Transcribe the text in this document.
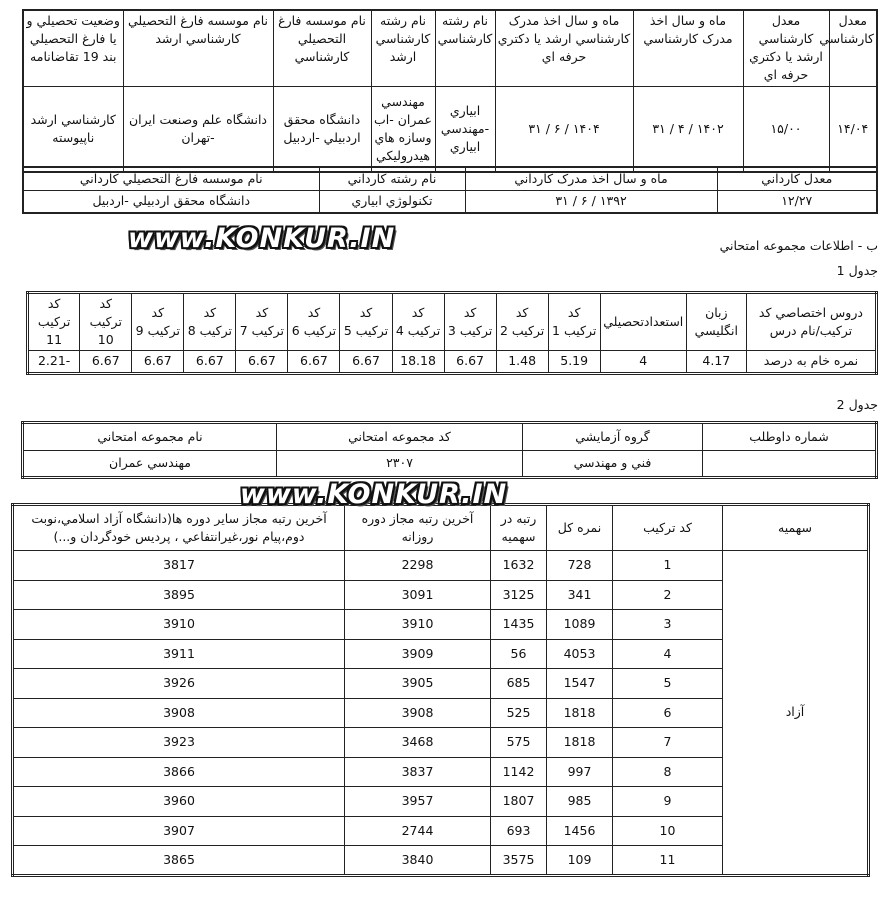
معدل کارشناسي	معدل کارشناسي ارشد يا دکتري حرفه اي	ماه و سال اخذ مدرک کارشناسي	ماه و سال اخذ مدرک کارشناسي ارشد يا دکتري حرفه اي	نام رشته کارشناسي	نام رشته کارشناسي ارشد	نام موسسه فارغ التحصيلي کارشناسي	نام موسسه فارغ التحصيلي کارشناسي ارشد	وضعيت تحصيلي و يا فارغ التحصيلي بند 19 تقاضانامه
۱۴/۰۴	۱۵/۰۰	۱۴۰۲ / ۴ / ۳۱	۱۴۰۴ / ۶ / ۳۱	ابياري -مهندسي ابياري	مهندسي عمران -اب وسازه هاي هيدروليکي	دانشگاه محقق اردبيلي -اردبيل	دانشگاه علم وصنعت ايران -تهران	کارشناسي ارشد ناپيوسته
معدل کارداني	ماه و سال اخذ مدرک کارداني	نام رشته کارداني	نام موسسه فارغ التحصيلي کارداني
۱۲/۲۷	۱۳۹۲ / ۶ / ۳۱	تکنولوژي ابياري	دانشگاه محقق اردبيلي -اردبيل
www.KONKUR.IN	ب - اطلاعات مجموعه امتحاني
جدول 1
دروس اختصاصي کد ترکيب/نام درس	زبان انگليسي	استعدادتحصيلي	کد ترکيب 1	کد ترکيب 2	کد ترکيب 3	کد ترکيب 4	کد ترکيب 5	کد ترکيب 6	کد ترکيب 7	کد ترکيب 8	کد ترکيب 9	کد ترکيب 10	کد ترکيب 11
نمره خام به درصد	4.17	4	5.19	1.48	6.67	18.18	6.67	6.67	6.67	6.67	6.67	6.67	-2.21
جدول 2
شماره داوطلب	گروه آزمايشي	کد مجموعه امتحاني	نام مجموعه امتحاني
	فني و مهندسي	۲۳۰۷	مهندسي عمران
سهميه	کد ترکيب	نمره کل	رتبه در سهميه	آخرين رتبه مجاز دوره روزانه	آخرين رتبه مجاز ساير دوره ها(دانشگاه آزاد اسلامي،نوبت دوم،پيام نور،غيرانتفاعي ، پرديس خودگردان و...)
آزاد	1	728	1632	2298	3817
	2	341	3125	3091	3895
	3	1089	1435	3910	3910
	4	4053	56	3909	3911
	5	1547	685	3905	3926
	6	1818	525	3908	3908
	7	1818	575	3468	3923
	8	997	1142	3837	3866
	9	985	1807	3957	3960
	10	1456	693	2744	3907
	11	109	3575	3840	3865
www.KONKUR.IN
